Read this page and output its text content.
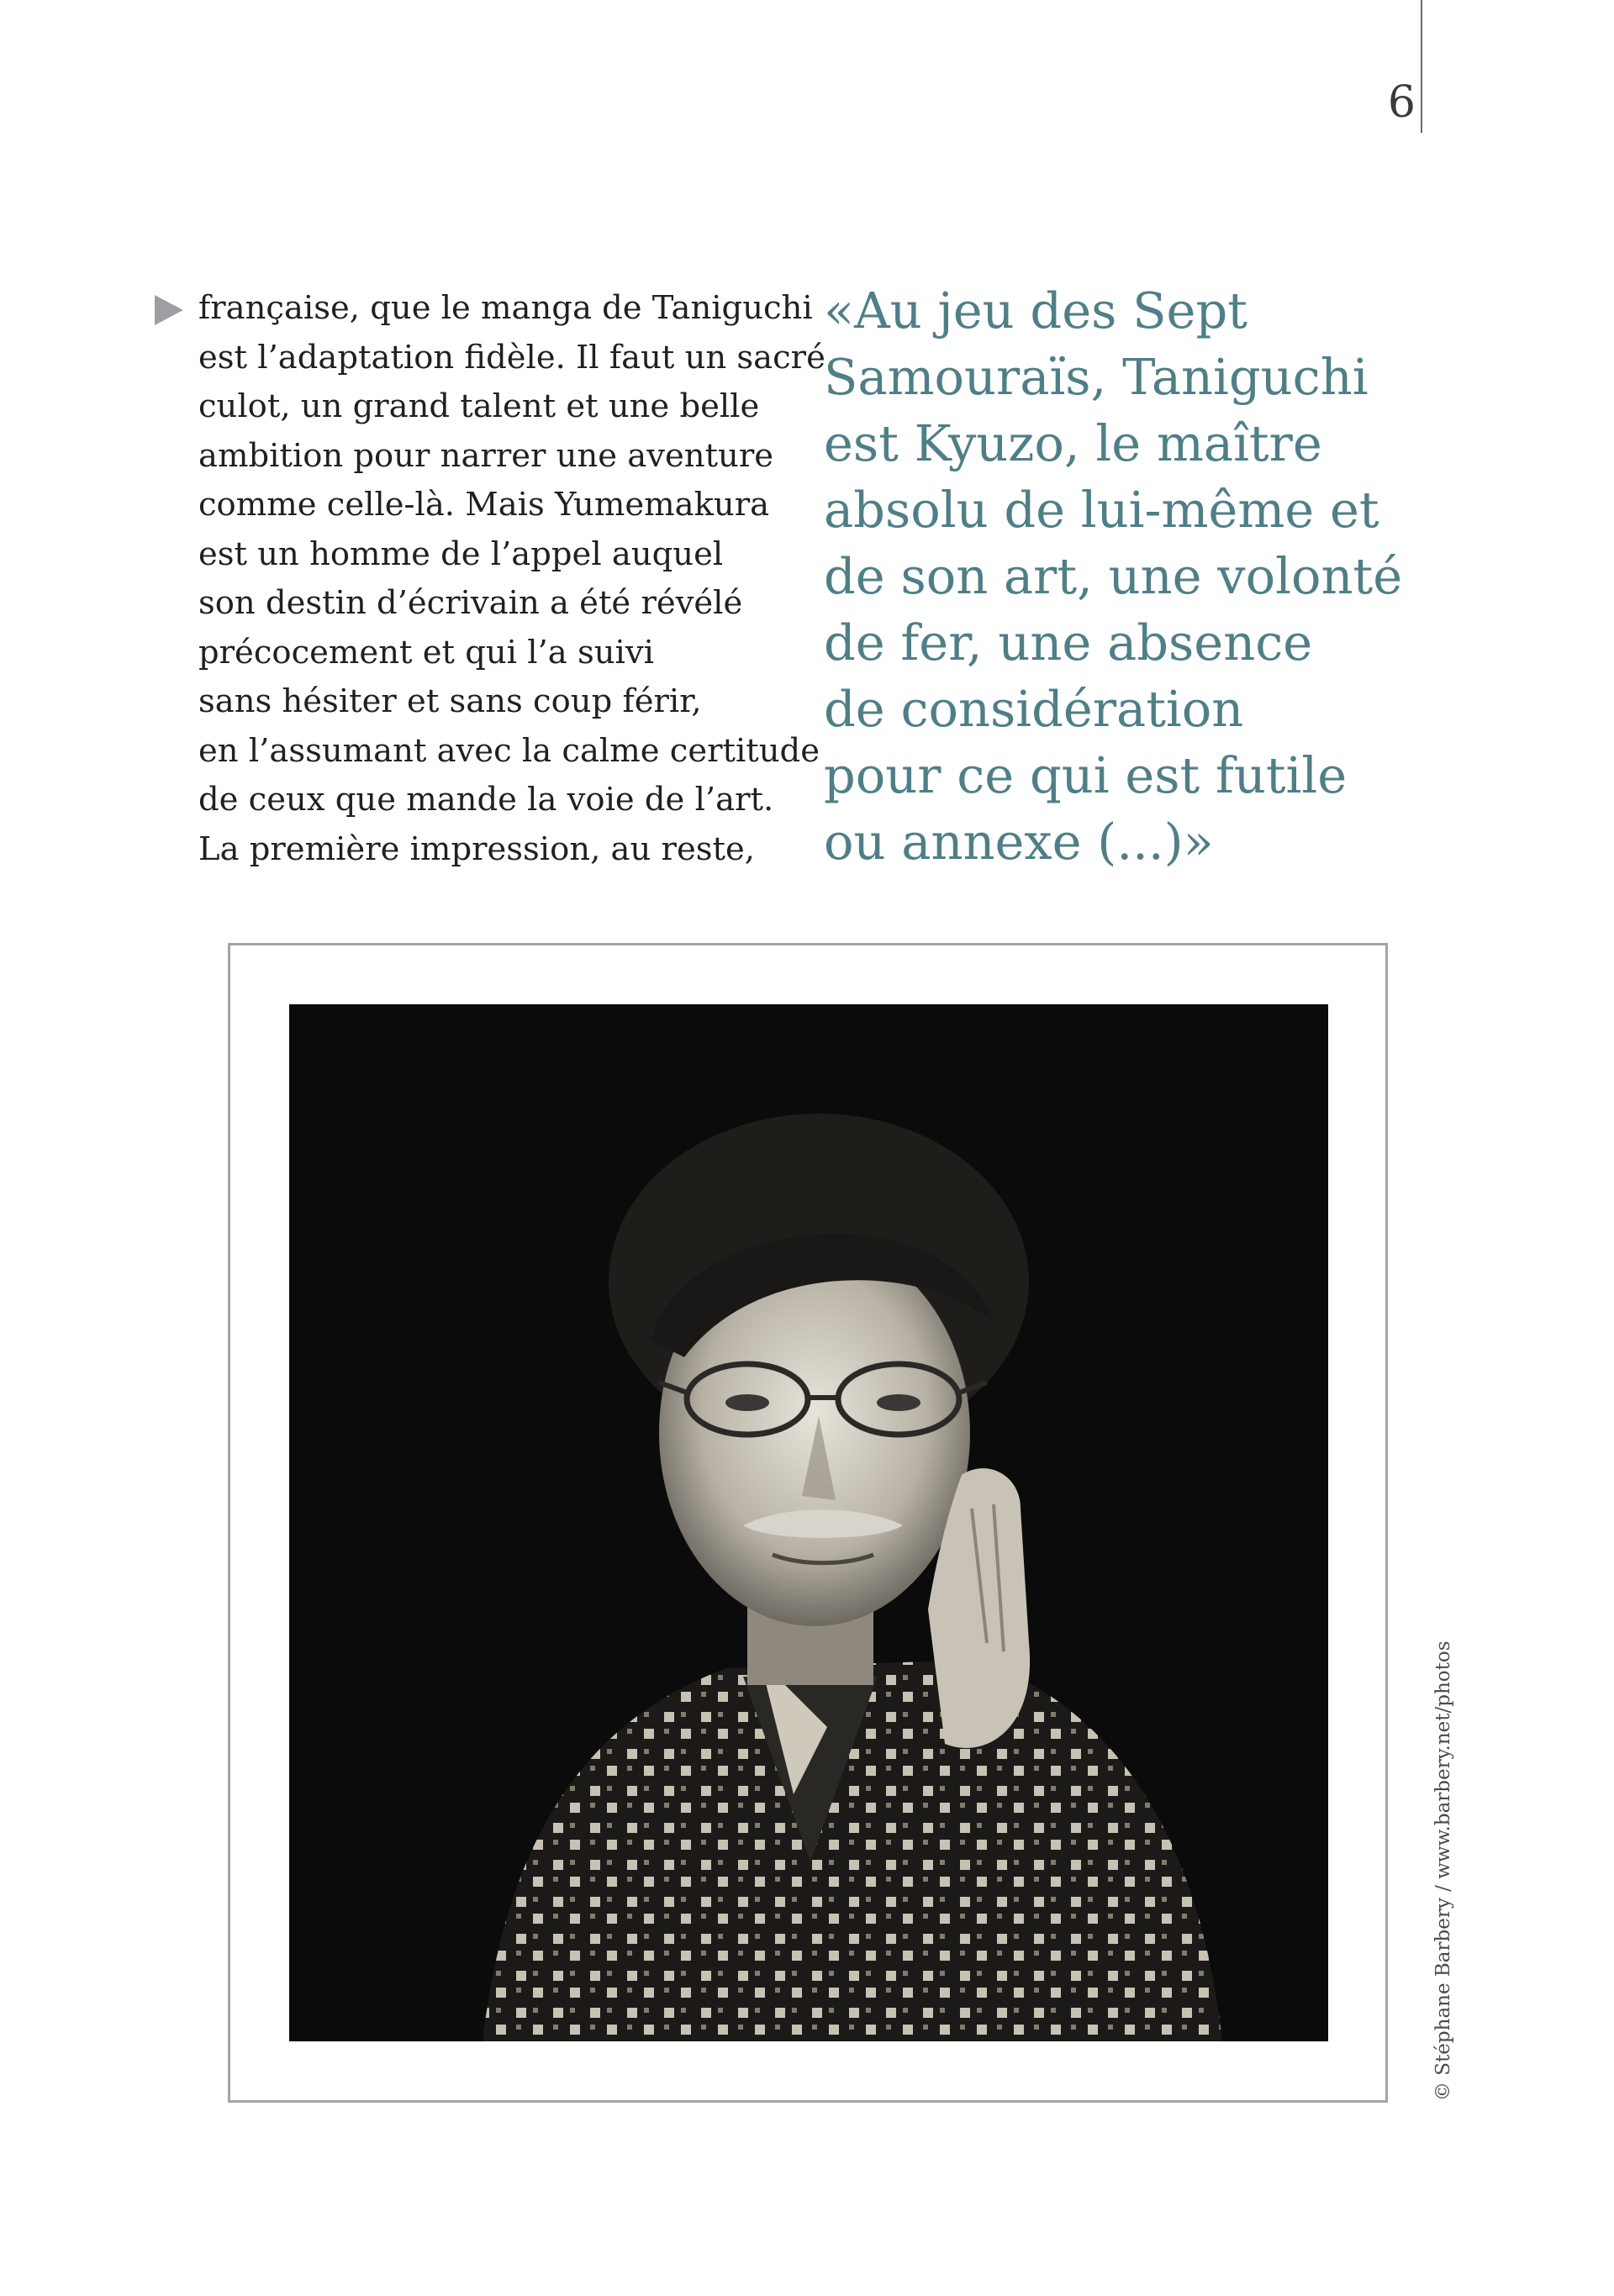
6
française, que le manga de Taniguchi
est l’adaptation fidèle. Il faut un sacré
culot, un grand talent et une belle
ambition pour narrer une aventure
comme celle-là. Mais Yumemakura
est un homme de l’appel auquel
son destin d’écrivain a été révélé
précocement et qui l’a suivi
sans hésiter et sans coup férir,
en l’assumant avec la calme certitude
de ceux que mande la voie de l’art.
La première impression, au reste,
«Au jeu des Sept
Samouraïs, Taniguchi
est Kyuzo, le maître
absolu de lui-même et
de son art, une volonté
de fer, une absence
de considération
pour ce qui est futile
ou annexe (...)»
© Stéphane Barbery / www.barbery.net/photos
